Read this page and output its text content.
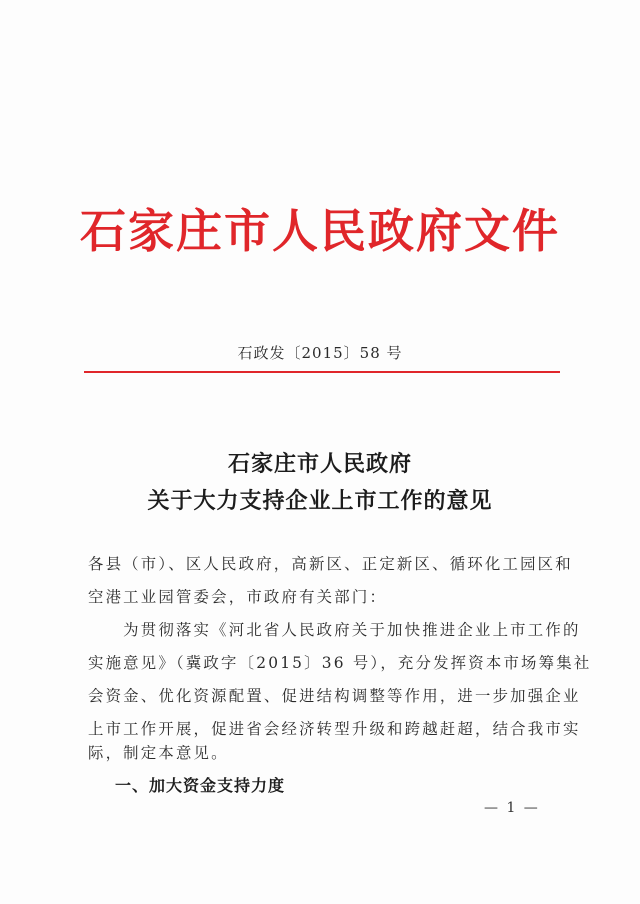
石家庄市人民政府文件
石政发〔2015〕58 号
石家庄市人民政府
关于大力支持企业上市工作的意见
各县（市）、区人民政府，高新区、正定新区、循环化工园区和
空港工业园管委会，市政府有关部门：
　　为贯彻落实《河北省人民政府关于加快推进企业上市工作的
实施意见》（冀政字〔2015〕36 号），充分发挥资本市场筹集社
会资金、优化资源配置、促进结构调整等作用，进一步加强企业
上市工作开展，促进省会经济转型升级和跨越赶超，结合我市实
际，制定本意见。
一、加大资金支持力度
— 1 —
